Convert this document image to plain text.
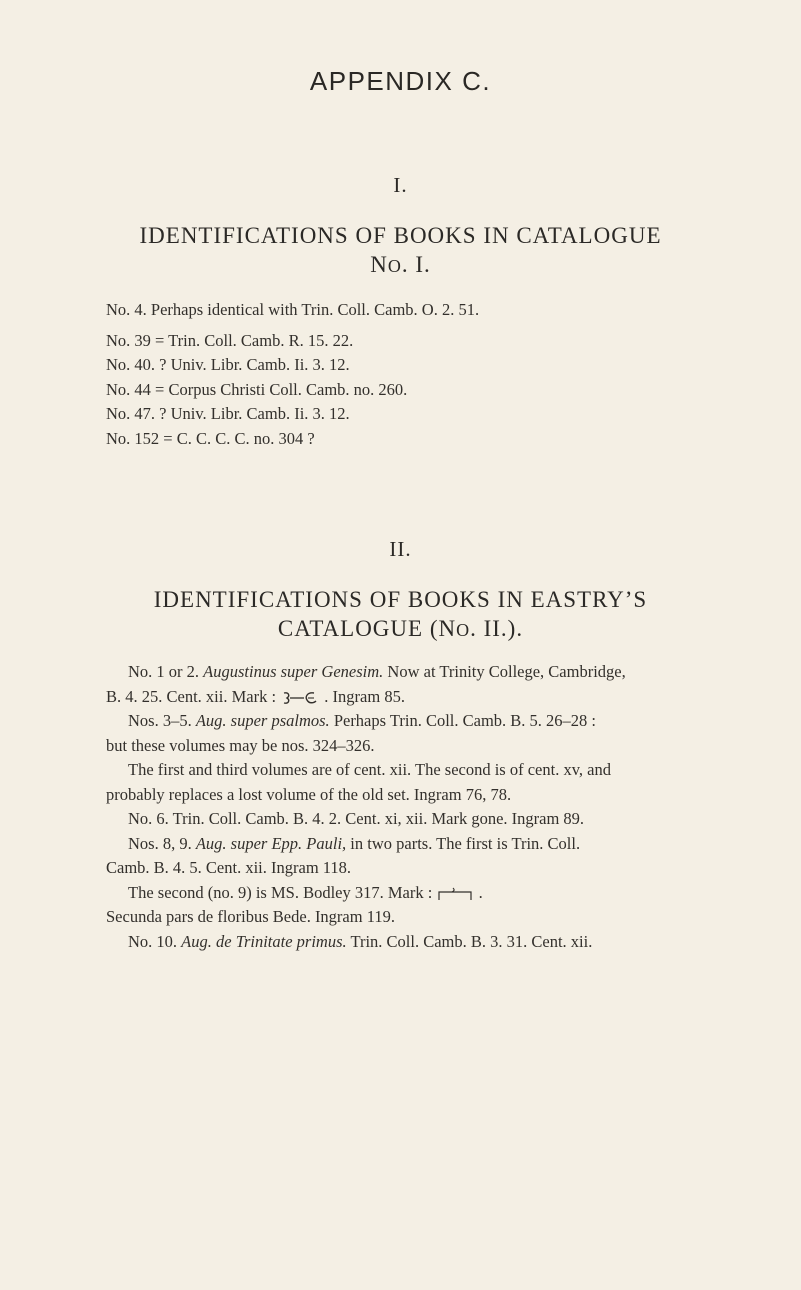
APPENDIX C.
I.
IDENTIFICATIONS OF BOOKS IN CATALOGUE
NO. I.
No. 4. Perhaps identical with Trin. Coll. Camb. O. 2. 51.
No. 39 = Trin. Coll. Camb. R. 15. 22.
No. 40. ? Univ. Libr. Camb. Ii. 3. 12.
No. 44 = Corpus Christi Coll. Camb. no. 260.
No. 47. ? Univ. Libr. Camb. Ii. 3. 12.
No. 152 = C. C. C. C. no. 304 ?
II.
IDENTIFICATIONS OF BOOKS IN EASTRY’S
CATALOGUE (NO. II.).
No. 1 or 2. Augustinus super Genesim. Now at Trinity College, Cambridge,
B. 4. 25. Cent. xii. Mark :  . Ingram 85.
Nos. 3–5. Aug. super psalmos. Perhaps Trin. Coll. Camb. B. 5. 26–28 :
but these volumes may be nos. 324–326.
The first and third volumes are of cent. xii. The second is of cent. xv, and
probably replaces a lost volume of the old set. Ingram 76, 78.
No. 6. Trin. Coll. Camb. B. 4. 2. Cent. xi, xii. Mark gone. Ingram 89.
Nos. 8, 9. Aug. super Epp. Pauli, in two parts. The first is Trin. Coll.
Camb. B. 4. 5. Cent. xii. Ingram 118.
The second (no. 9) is MS. Bodley 317. Mark :  .
Secunda pars de floribus Bede. Ingram 119.
No. 10. Aug. de Trinitate primus. Trin. Coll. Camb. B. 3. 31. Cent. xii.
